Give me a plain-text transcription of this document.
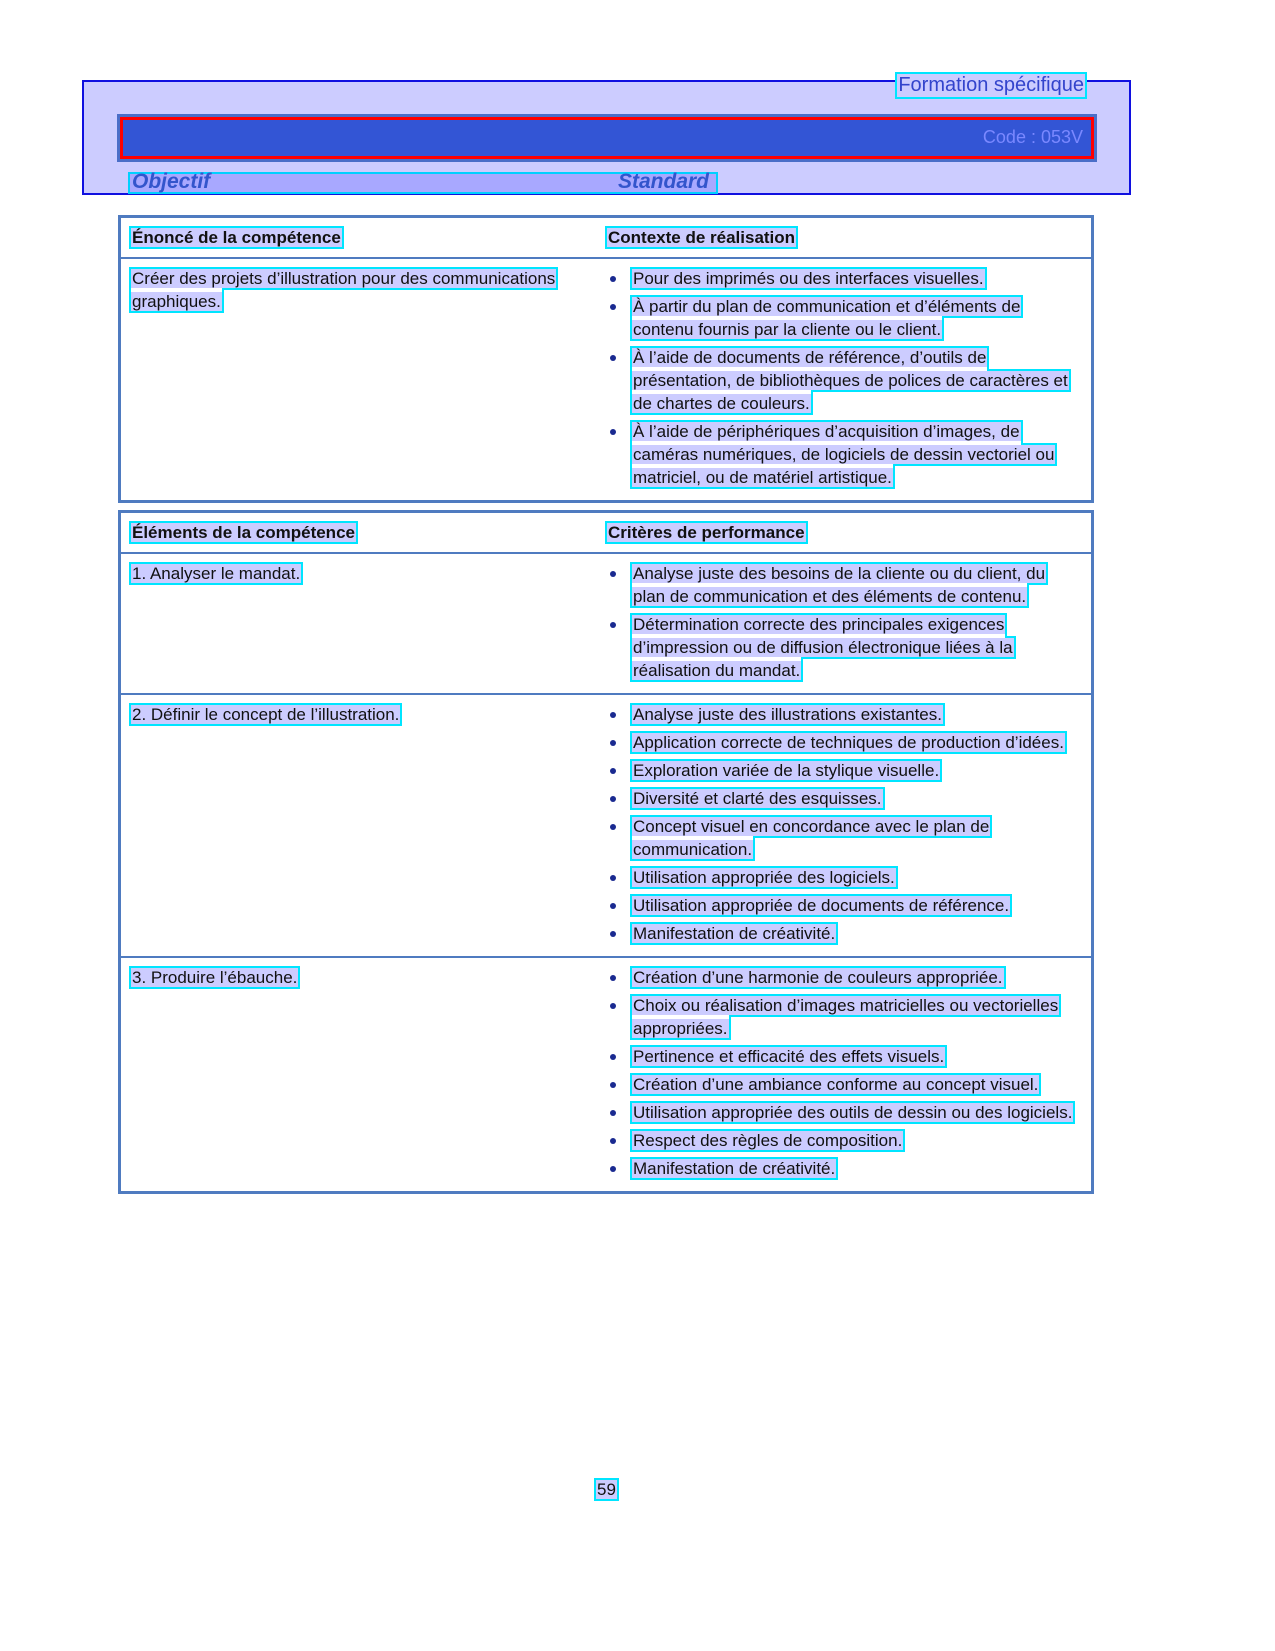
Formation spécifique
Code : 053V
Objectif	Standard
Énoncé de la compétence	Contexte de réalisation
Créer des projets d’illustration pour des communications graphiques.
Pour des imprimés ou des interfaces visuelles.
À partir du plan de communication et d’éléments de contenu fournis par la cliente ou le client.
À l’aide de documents de référence, d’outils de présentation, de bibliothèques de polices de caractères et de chartes de couleurs.
À l’aide de périphériques d’acquisition d’images, de caméras numériques, de logiciels de dessin vectoriel ou matriciel, ou de matériel artistique.
Éléments de la compétence	Critères de performance
1. Analyser le mandat.	Analyse juste des besoins de la cliente ou du client, du plan de communication et des éléments de contenu.
Détermination correcte des principales exigences d’impression ou de diffusion électronique liées à la réalisation du mandat.
2. Définir le concept de l’illustration.	Analyse juste des illustrations existantes.
Application correcte de techniques de production d’idées.
Exploration variée de la stylique visuelle.
Diversité et clarté des esquisses.
Concept visuel en concordance avec le plan de communication.
Utilisation appropriée des logiciels.
Utilisation appropriée de documents de référence.
Manifestation de créativité.
3. Produire l’ébauche.	Création d’une harmonie de couleurs appropriée.
Choix ou réalisation d’images matricielles ou vectorielles appropriées.
Pertinence et efficacité des effets visuels.
Création d’une ambiance conforme au concept visuel.
Utilisation appropriée des outils de dessin ou des logiciels.
Respect des règles de composition.
Manifestation de créativité.
59
